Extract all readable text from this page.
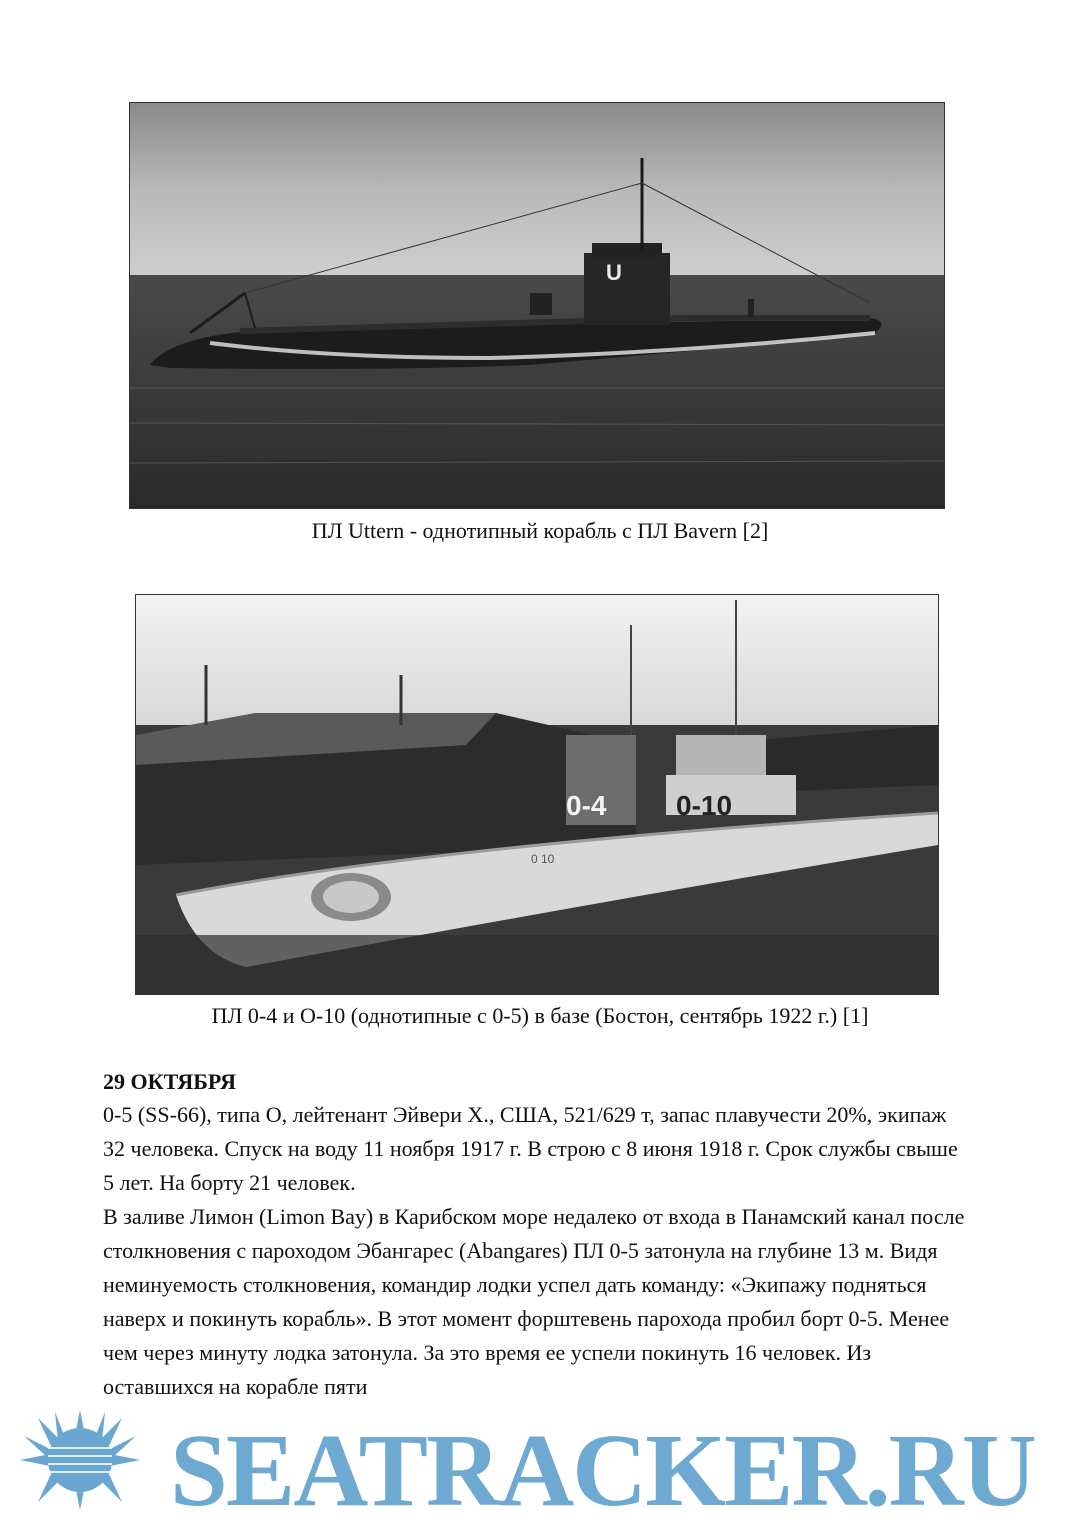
U
ПЛ Uttern - однотипный корабль с ПЛ Bavern [2]
0-4 0-10
0 10
ПЛ 0-4 и О-10 (однотипные с 0-5) в базе (Бостон, сентябрь 1922 г.) [1]
29 ОКТЯБРЯ
0-5 (SS-66), типа О, лейтенант Эйвери Х., США, 521/629 т, запас плавучести 20%, экипаж 32 человека. Спуск на воду 11 ноября 1917 г. В строю с 8 июня 1918 г. Срок службы свыше 5 лет. На борту 21 человек.
В заливе Лимон (Limon Bay) в Карибском море недалеко от входа в Панамский канал после столкновения с пароходом Эбангарес (Abangares) ПЛ 0-5 затонула на глубине 13 м. Видя неминуемость столкновения, командир лодки успел дать команду: «Экипажу подняться наверх и покинуть корабль». В этот момент форштевень парохода пробил борт 0-5. Менее чем через минуту лодка затонула. За это время ее успели покинуть 16 человек. Из оставшихся на корабле пяти
SEATRACKER.RU
